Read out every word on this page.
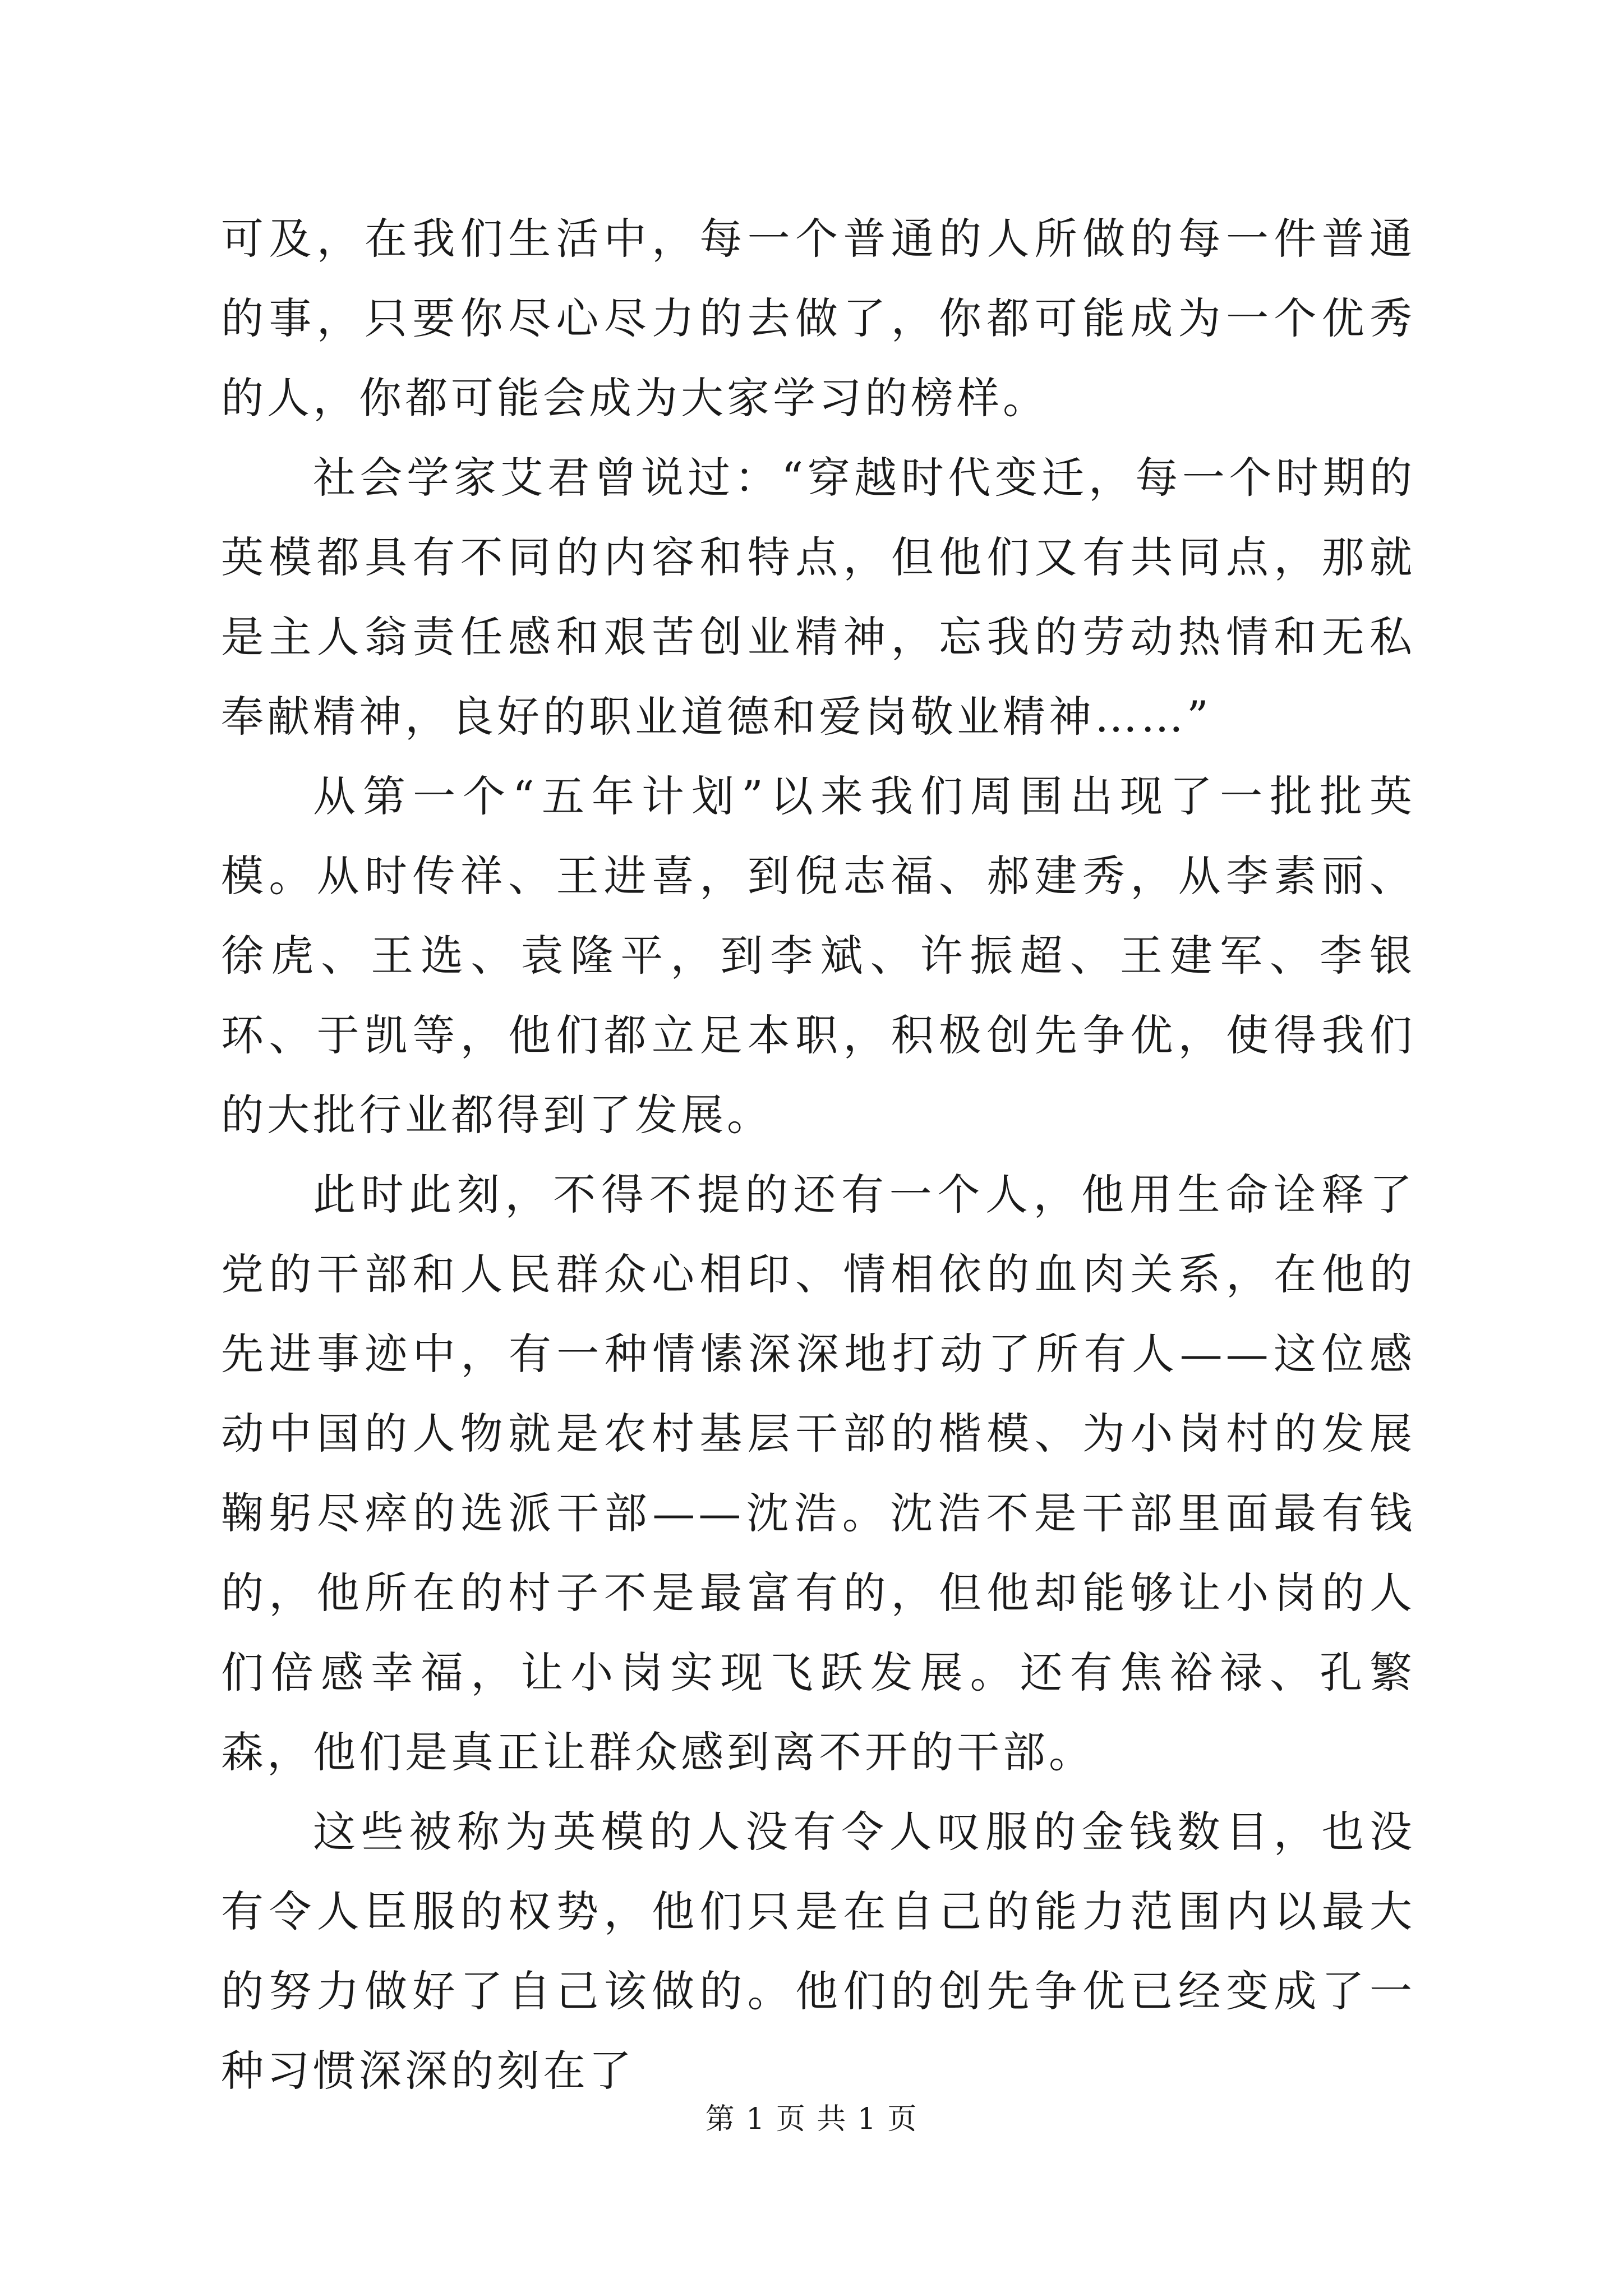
可及，在我们生活中，每一个普通的人所做的每一件普通的事，只要你尽心尽力的去做了，你都可能成为一个优秀的人，你都可能会成为大家学习的榜样。

社会学家艾君曾说过：“穿越时代变迁，每一个时期的英模都具有不同的内容和特点，但他们又有共同点，那就是主人翁责任感和艰苦创业精神，忘我的劳动热情和无私奉献精神，良好的职业道德和爱岗敬业精神……”

从第一个“五年计划”以来我们周围出现了一批批英模。从时传祥、王进喜，到倪志福、郝建秀，从李素丽、徐虎、王选、袁隆平，到李斌、许振超、王建军、李银环、于凯等，他们都立足本职，积极创先争优，使得我们的大批行业都得到了发展。

此时此刻，不得不提的还有一个人，他用生命诠释了党的干部和人民群众心相印、情相依的血肉关系，在他的先进事迹中，有一种情愫深深地打动了所有人——这位感动中国的人物就是农村基层干部的楷模、为小岗村的发展鞠躬尽瘁的选派干部——沈浩。沈浩不是干部里面最有钱的，他所在的村子不是最富有的，但他却能够让小岗的人们倍感幸福，让小岗实现飞跃发展。还有焦裕禄、孔繁森，他们是真正让群众感到离不开的干部。

这些被称为英模的人没有令人叹服的金钱数目，也没有令人臣服的权势，他们只是在自己的能力范围内以最大的努力做好了自己该做的。他们的创先争优已经变成了一种习惯深深的刻在了

第 1 页 共 1 页
